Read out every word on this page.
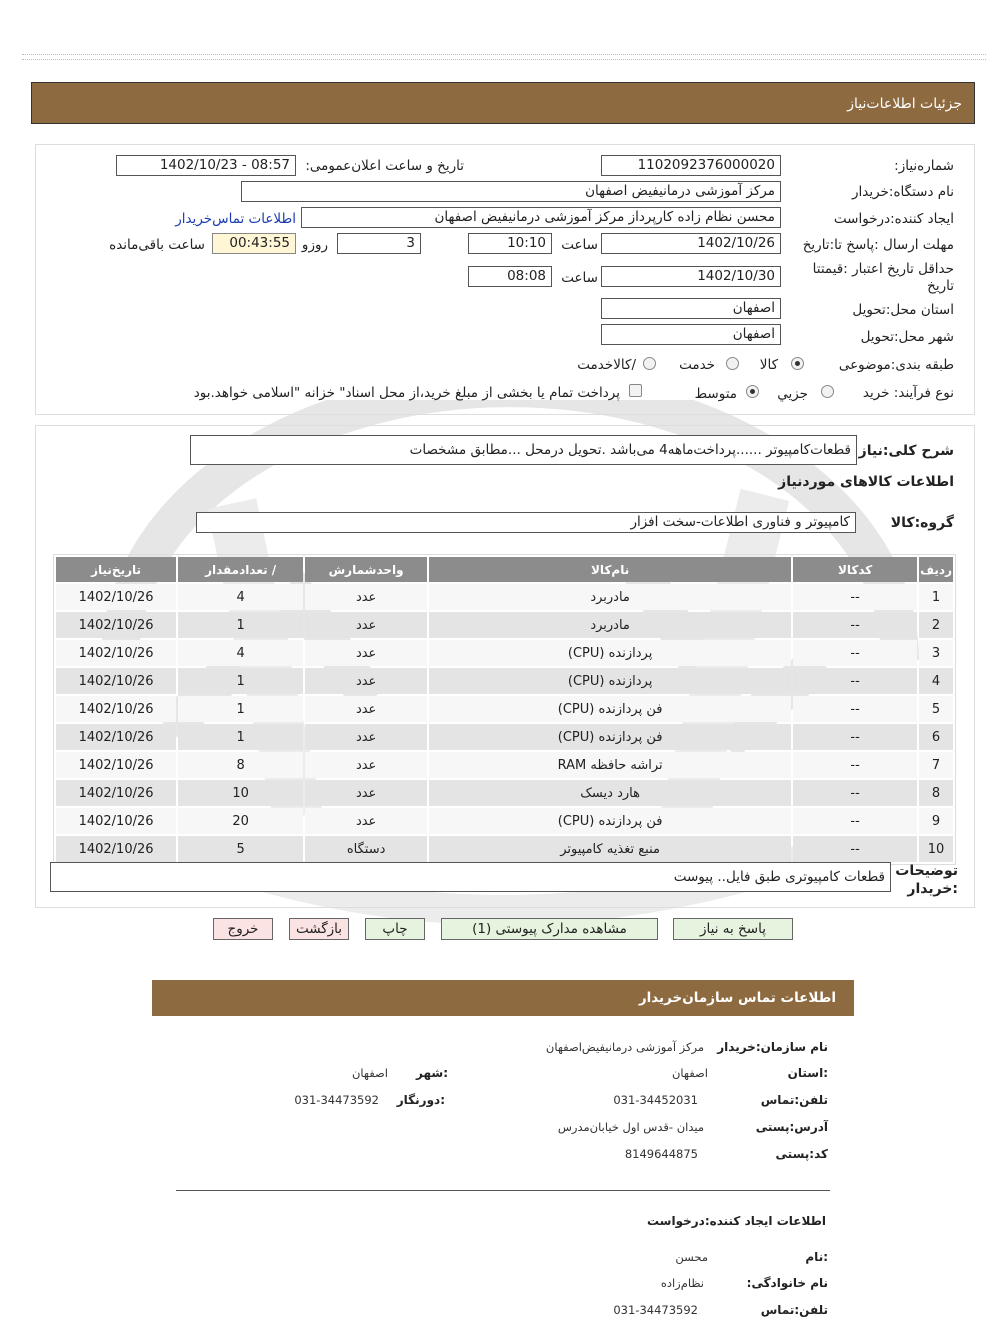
جزئیات اطلاعات‌نیاز
شماره‌نیاز:
1102092376000020
تاریخ و ساعت اعلان‌عمومی:
1402/10/23 - 08:57
نام دستگاه:خریدار
مرکز آموزشی درمانیفیض اصفهان
ایجاد کننده:درخواست
محسن نظام زاده کارپرداز مرکز آموزشی درمانیفیض اصفهان
اطلاعات تماس‌خریدار
مهلت ارسال :پاسخ تا:تاریخ
1402/10/26
ساعت
10:10
3
روزو
00:43:55
ساعت باقی‌مانده
حداقل تاریخ اعتبار :قیمتتا تاریخ
1402/10/30
ساعت
08:08
استان محل:تحویل
اصفهان
شهر محل:تحویل
اصفهان
طبقه بندی:موضوعی
کالا
خدمت
/کالاخدمت
نوع فرآیند: خرید
جزیي
متوسط
پرداخت تمام یا بخشی از مبلغ خرید،از محل اسناد" خزانه "اسلامی خواهد.بود
شرح کلی:نیاز
قطعات‌کامپیوتر ......پرداخت‌ماهه4 می‌باشد .تحویل درمحل ...مطابق مشخصات
اطلاعات کالاهای موردنیاز
گروه:کالا
کامپیوتر و فناوری اطلاعات-سخت افزار
ردیف	کدکالا	نام‌کالا	واحدشمارش	/ تعدادمقدار	تاریخ‌نیاز
1	--	مادربرد	عدد	4	1402/10/26
2	--	مادربرد	عدد	1	1402/10/26
3	--	پردازنده (CPU)	عدد	4	1402/10/26
4	--	پردازنده (CPU)	عدد	1	1402/10/26
5	--	فن پردازنده (CPU)	عدد	1	1402/10/26
6	--	فن پردازنده (CPU)	عدد	1	1402/10/26
7	--	تراشه حافظه RAM	عدد	8	1402/10/26
8	--	هارد دیسک	عدد	10	1402/10/26
9	--	فن پردازنده (CPU)	عدد	20	1402/10/26
10	--	منبع تغذیه کامپیوتر	دستگاه	5	1402/10/26
توضیحات :خریدار
قطعات کامپیوتری طبق فایل.. پیوست
پاسخ به نیاز
مشاهده مدارک پیوستی (1)
چاپ
بازگشت
خروج
اطلاعات تماس سازمان‌خریدار
نام سازمان:خریدار
مرکز آموزشی درمانیفیض‌اصفهان
:استان
اصفهان
:شهر
اصفهان
تلفن:تماس
031-34452031
:دورنگار
031-34473592
آدرس:پستی
میدان -قدس اول خیابان‌مدرس
کد:پستی
8149644875
اطلاعات ایجاد کننده:درخواست
:نام
محسن
نام خانوادگی:
نظام‌زاده
تلفن:تماس
031-34473592
